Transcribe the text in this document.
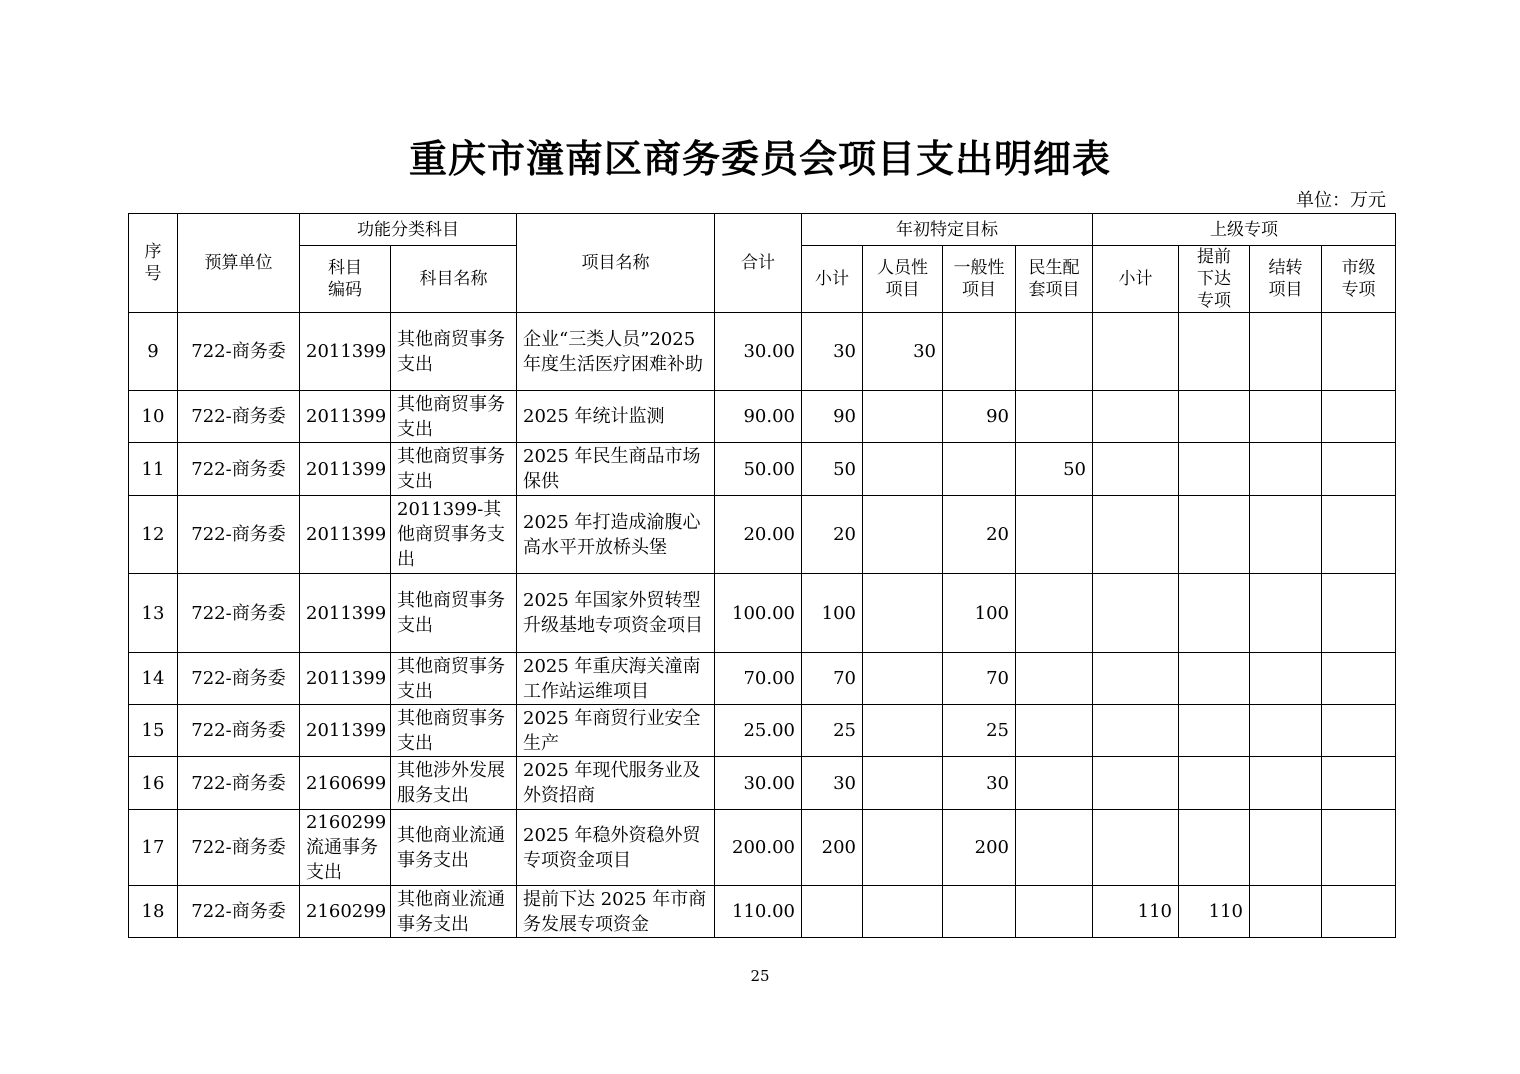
重庆市潼南区商务委员会项目支出明细表
单位：万元
序号	预算单位	功能分类科目		项目名称	合计	年初特定目标				上级专项			
		科目编码	科目名称			小计	人员性项目	一般性项目	民生配套项目	小计	提前下达专项	结转项目	市级专项
9	722-商务委	2011399	其他商贸事务支出	企业“三类人员”2025年度生活医疗困难补助	30.00	30	30						
10	722-商务委	2011399	其他商贸事务支出	2025 年统计监测	90.00	90		90					
11	722-商务委	2011399	其他商贸事务支出	2025 年民生商品市场保供	50.00	50			50				
12	722-商务委	2011399	2011399-其他商贸事务支出	2025 年打造成渝腹心高水平开放桥头堡	20.00	20		20					
13	722-商务委	2011399	其他商贸事务支出	2025 年国家外贸转型升级基地专项资金项目	100.00	100		100					
14	722-商务委	2011399	其他商贸事务支出	2025 年重庆海关潼南工作站运维项目	70.00	70		70					
15	722-商务委	2011399	其他商贸事务支出	2025 年商贸行业安全生产	25.00	25		25					
16	722-商务委	2160699	其他涉外发展服务支出	2025 年现代服务业及外资招商	30.00	30		30					
17	722-商务委	2160299流通事务支出	其他商业流通事务支出	2025 年稳外资稳外贸专项资金项目	200.00	200		200					
18	722-商务委	2160299	其他商业流通事务支出	提前下达 2025 年市商务发展专项资金	110.00					110	110		
25
